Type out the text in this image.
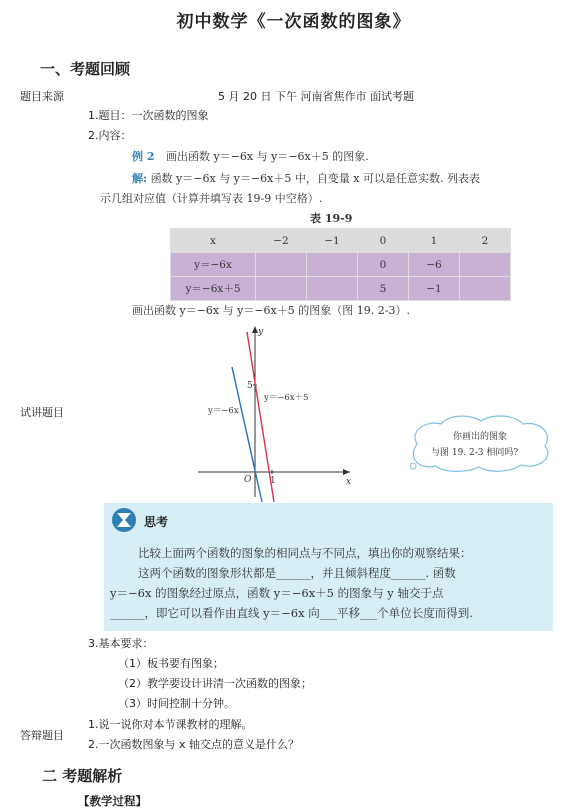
初中数学《一次函数的图象》
一、考题回顾
题目来源	5 月 20 日 下午 河南省焦作市 面试考题
1.题目：一次函数的图象
2.内容：
例 2 画出函数 y＝−6x 与 y＝−6x＋5 的图象.
解: 函数 y＝−6x 与 y＝−6x＋5 中，自变量 x 可以是任意实数. 列表表
示几组对应值（计算并填写表 19-9 中空格）.
表 19-9
x	−2	−1	0	1	2
y＝−6x			0	−6	
y＝−6x＋5			5	−1	
画出函数 y＝−6x 与 y＝−6x＋5 的图象（图 19. 2-3）.
y
x
O
5
1
y＝−6x
y＝−6x＋5
你画出的图象
与图 19. 2-3 相同吗?
试讲题目
思考
比较上面两个函数的图象的相同点与不同点，填出你的观察结果：
这两个函数的图象形状都是______，并且倾斜程度______. 函数
y＝−6x 的图象经过原点，函数 y＝−6x＋5 的图象与 y 轴交于点
______，即它可以看作由直线 y＝−6x 向___平移___个单位长度而得到.
3.基本要求：
（1）板书要有图象；
（2）教学要设计讲清一次函数的图象；
（3）时间控制十分钟。
1.说一说你对本节课教材的理解。
答辩题目
2.一次函数图象与 x 轴交点的意义是什么？
二 考题解析
【教学过程】
